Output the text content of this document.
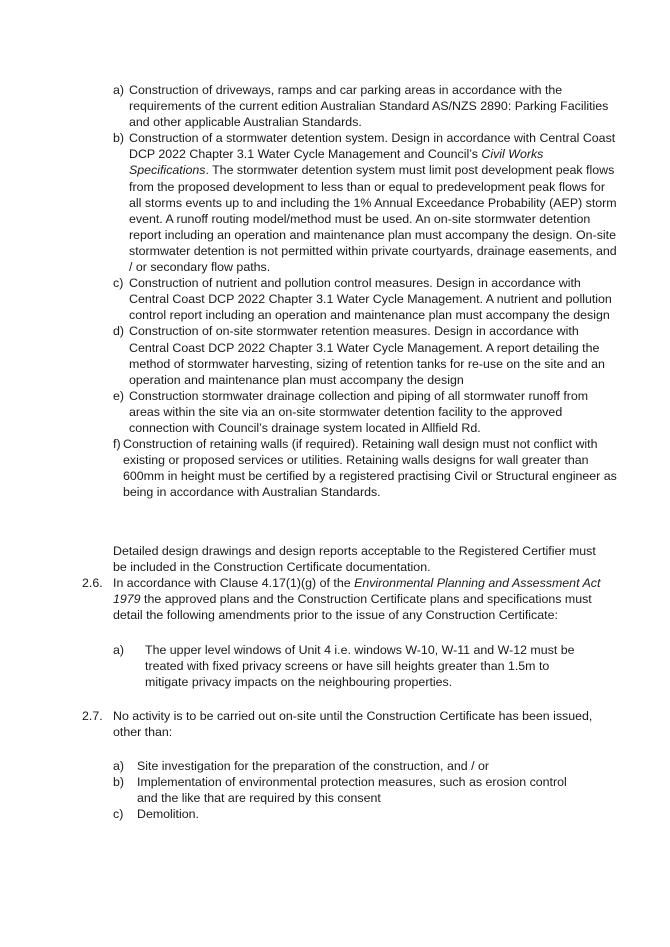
a) Construction of driveways, ramps and car parking areas in accordance with the requirements of the current edition Australian Standard AS/NZS 2890: Parking Facilities and other applicable Australian Standards.
b) Construction of a stormwater detention system. Design in accordance with Central Coast DCP 2022 Chapter 3.1 Water Cycle Management and Council’s Civil Works Specifications. The stormwater detention system must limit post development peak flows from the proposed development to less than or equal to predevelopment peak flows for all storms events up to and including the 1% Annual Exceedance Probability (AEP) storm event. A runoff routing model/method must be used. An on-site stormwater detention report including an operation and maintenance plan must accompany the design. On-site stormwater detention is not permitted within private courtyards, drainage easements, and / or secondary flow paths.
c) Construction of nutrient and pollution control measures. Design in accordance with Central Coast DCP 2022 Chapter 3.1 Water Cycle Management. A nutrient and pollution control report including an operation and maintenance plan must accompany the design
d) Construction of on-site stormwater retention measures. Design in accordance with Central Coast DCP 2022 Chapter 3.1 Water Cycle Management. A report detailing the method of stormwater harvesting, sizing of retention tanks for re-use on the site and an operation and maintenance plan must accompany the design
e) Construction stormwater drainage collection and piping of all stormwater runoff from areas within the site via an on-site stormwater detention facility to the approved connection with Council’s drainage system located in Allfield Rd.
f) Construction of retaining walls (if required). Retaining wall design must not conflict with existing or proposed services or utilities. Retaining walls designs for wall greater than 600mm in height must be certified by a registered practising Civil or Structural engineer as being in accordance with Australian Standards.
Detailed design drawings and design reports acceptable to the Registered Certifier must be included in the Construction Certificate documentation.
2.6. In accordance with Clause 4.17(1)(g) of the Environmental Planning and Assessment Act 1979 the approved plans and the Construction Certificate plans and specifications must detail the following amendments prior to the issue of any Construction Certificate:
a)	The upper level windows of Unit 4 i.e. windows W-10, W-11 and W-12 must be treated with fixed privacy screens or have sill heights greater than 1.5m to mitigate privacy impacts on the neighbouring properties.
2.7. No activity is to be carried out on-site until the Construction Certificate has been issued, other than:
a)	Site investigation for the preparation of the construction, and / or
b)	Implementation of environmental protection measures, such as erosion control and the like that are required by this consent
c)	Demolition.
